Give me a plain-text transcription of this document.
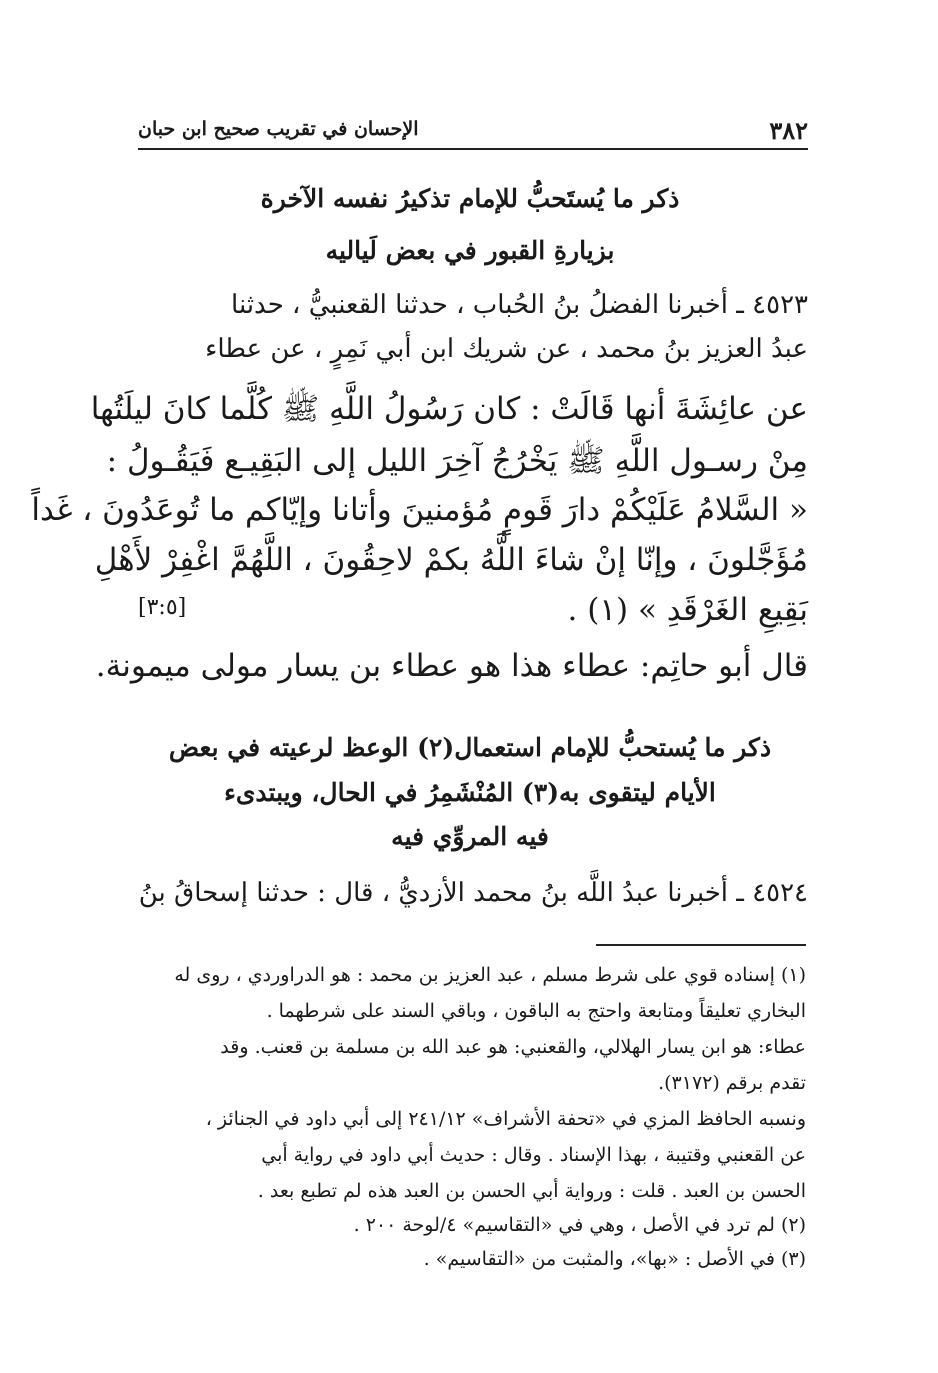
٣٨٢
الإحسان في تقريب صحيح ابن حبان
ذكر ما يُستَحبُّ للإمام تذكيرُ نفسه الآخرة
بزيارةِ القبور في بعض لَياليه
٤٥٢٣ ـ أخبرنا الفضلُ بنُ الحُباب ، حدثنا القعنبيُّ ، حدثنا
عبدُ العزيز بنُ محمد ، عن شريك ابن أبي نَمِرٍ ، عن عطاء
عن عائِشَةَ أنها قَالَتْ : كان رَسُولُ اللَّهِ ﷺ كُلَّما كانَ ليلَتُها
مِنْ رسـول اللَّهِ ﷺ يَخْرُجُ آخِرَ الليل إلى البَقِيـع فَيَقُـولُ :
« السَّلامُ عَلَيْكُمْ دارَ قَومٍ مُؤمنينَ وأتانا وإيّاكم ما تُوعَدُونَ ، غَداً
مُؤَجَّلونَ ، وإنّا إنْ شاءَ اللَّهُ بكمْ لاحِقُونَ ، اللَّهُمَّ اغْفِرْ لأَهْلِ
بَقِيعِ الغَرْقَدِ » (١) .
[٣:٥]
قال أبو حاتِم: عطاء هذا هو عطاء بن يسار مولى ميمونة.
ذكر ما يُستحبُّ للإمام استعمال(٢) الوعظ لرعيته في بعض
الأيام ليتقوى به(٣) المُنْشَمِرُ في الحال، ويبتدىء
فيه المروِّي فيه
٤٥٢٤ ـ أخبرنا عبدُ اللَّه بنُ محمد الأزديُّ ، قال : حدثنا إسحاقُ بنُ
(١) إسناده قوي على شرط مسلم ، عبد العزيز بن محمد : هو الدراوردي ، روى له
البخاري تعليقاً ومتابعة واحتج به الباقون ، وباقي السند على شرطهما .
عطاء: هو ابن يسار الهلالي، والقعنبي: هو عبد الله بن مسلمة بن قعنب. وقد
تقدم برقم (٣١٧٢).
ونسبه الحافظ المزي في «تحفة الأشراف» ٢٤١/١٢ إلى أبي داود في الجنائز ،
عن القعنبي وقتيبة ، بهذا الإسناد . وقال : حديث أبي داود في رواية أبي
الحسن بن العبد . قلت : ورواية أبي الحسن بن العبد هذه لم تطبع بعد .
(٢) لم ترد في الأصل ، وهي في «التقاسيم» ٤/لوحة ٢٠٠ .
(٣) في الأصل : «بها»، والمثبت من «التقاسيم» .
